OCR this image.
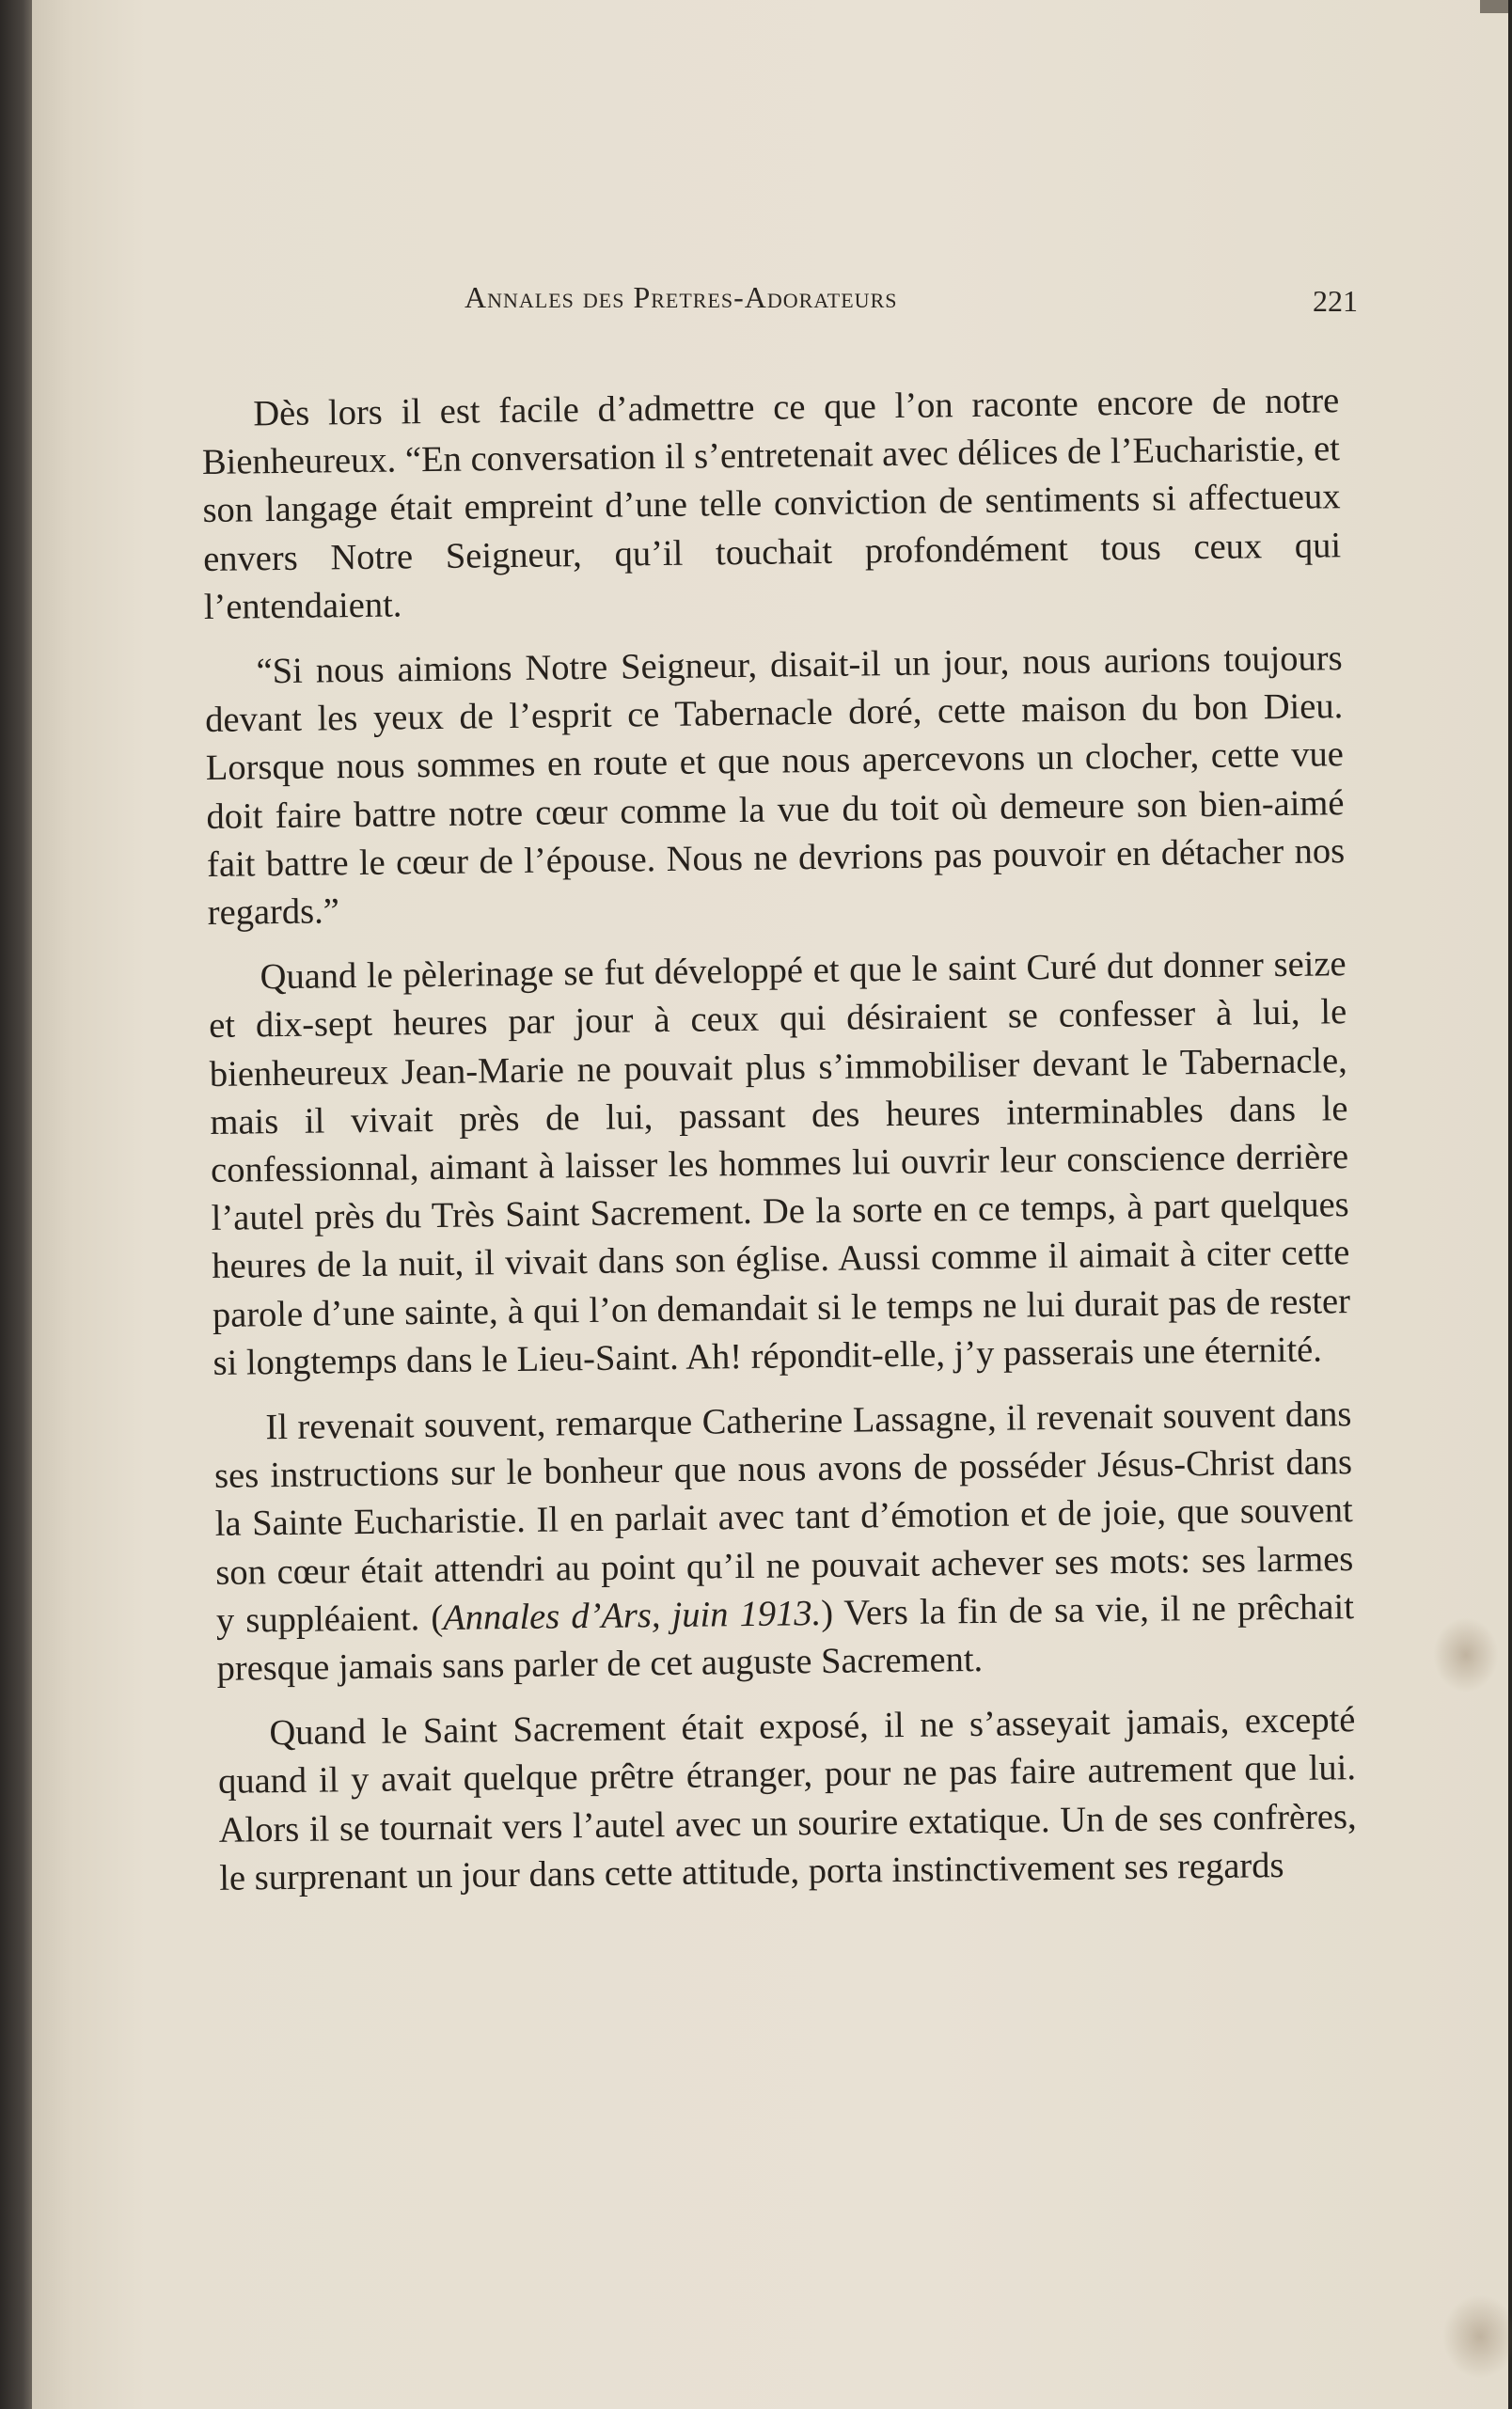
Annales des Pretres-Adorateurs	221

Dès lors il est facile d’admettre ce que l’on raconte encore de notre Bienheureux. “En conversation il s’entretenait avec délices de l’Eucharistie, et son langage était empreint d’une telle conviction de sentiments si affectueux envers Notre Seigneur, qu’il touchait profondément tous ceux qui l’entendaient.

“Si nous aimions Notre Seigneur, disait-il un jour, nous aurions toujours devant les yeux de l’esprit ce Tabernacle doré, cette maison du bon Dieu. Lorsque nous sommes en route et que nous apercevons un clocher, cette vue doit faire battre notre cœur comme la vue du toit où demeure son bien-aimé fait battre le cœur de l’épouse. Nous ne devrions pas pouvoir en détacher nos regards.”

Quand le pèlerinage se fut développé et que le saint Curé dut donner seize et dix-sept heures par jour à ceux qui désiraient se confesser à lui, le bienheureux Jean-Marie ne pouvait plus s’immobiliser devant le Tabernacle, mais il vivait près de lui, passant des heures interminables dans le confessionnal, aimant à laisser les hommes lui ouvrir leur conscience derrière l’autel près du Très Saint Sacrement. De la sorte en ce temps, à part quelques heures de la nuit, il vivait dans son église. Aussi comme il aimait à citer cette parole d’une sainte, à qui l’on demandait si le temps ne lui durait pas de rester si longtemps dans le Lieu-Saint. Ah! répondit-elle, j’y passerais une éternité.

Il revenait souvent, remarque Catherine Lassagne, il revenait souvent dans ses instructions sur le bonheur que nous avons de posséder Jésus-Christ dans la Sainte Eucharistie. Il en parlait avec tant d’émotion et de joie, que souvent son cœur était attendri au point qu’il ne pouvait achever ses mots: ses larmes y suppléaient. (Annales d’Ars, juin 1913.) Vers la fin de sa vie, il ne prêchait presque jamais sans parler de cet auguste Sacrement.

Quand le Saint Sacrement était exposé, il ne s’asseyait jamais, excepté quand il y avait quelque prêtre étranger, pour ne pas faire autrement que lui. Alors il se tournait vers l’autel avec un sourire extatique. Un de ses confrères, le surprenant un jour dans cette attitude, porta instinctivement ses regards
